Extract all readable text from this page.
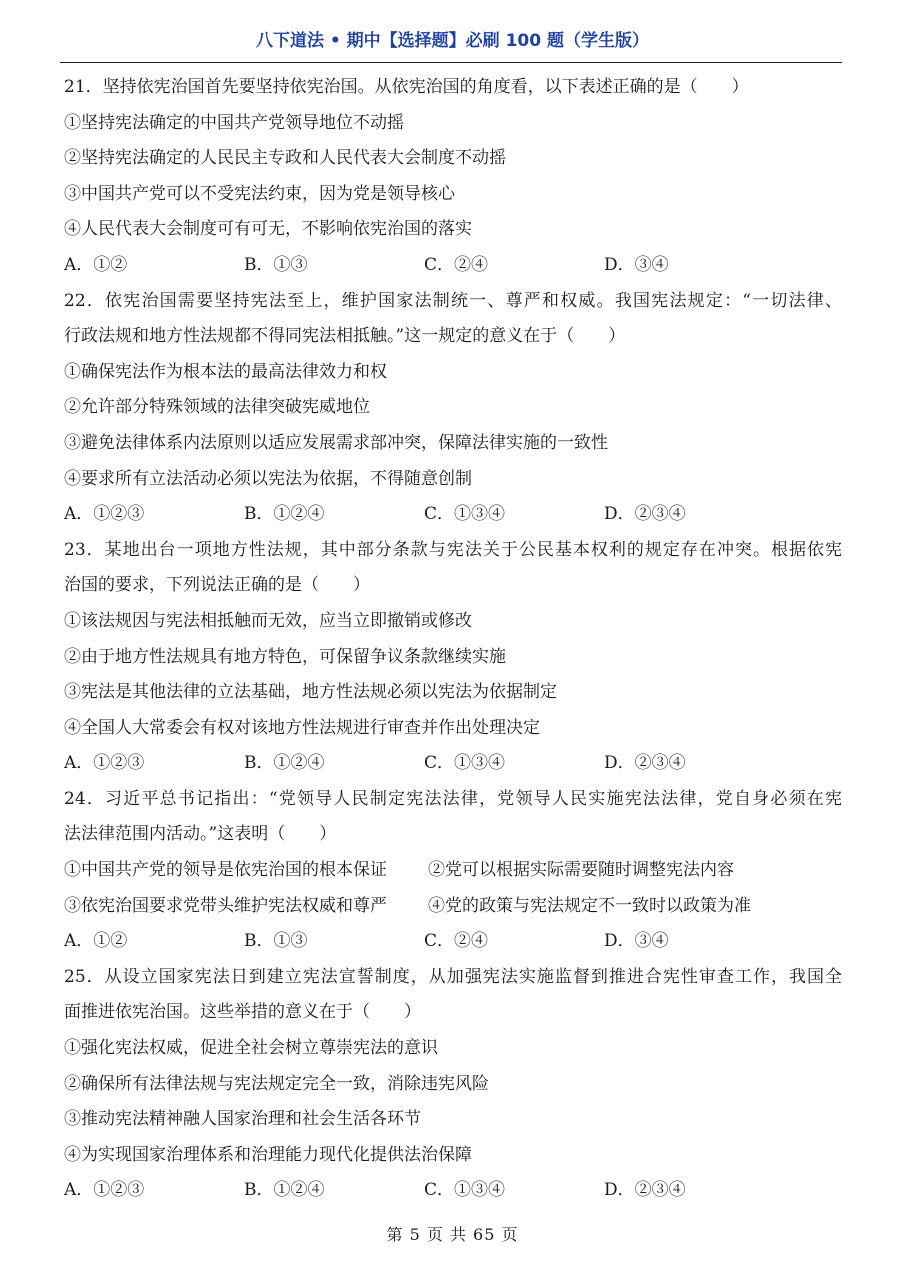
八下道法 • 期中【选择题】必刷 100 题（学生版）
21．坚持依宪治国首先要坚持依宪治国。从依宪治国的角度看，以下表述正确的是（　　）
①坚持宪法确定的中国共产党领导地位不动摇
②坚持宪法确定的人民民主专政和人民代表大会制度不动摇
③中国共产党可以不受宪法约束，因为党是领导核心
④人民代表大会制度可有可无，不影响依宪治国的落实
A．①②	B．①③	C．②④	D．③④
22．依宪治国需要坚持宪法至上，维护国家法制统一、尊严和权威。我国宪法规定：“一切法律、
行政法规和地方性法规都不得同宪法相抵触。”这一规定的意义在于（　　）
①确保宪法作为根本法的最高法律效力和权
②允许部分特殊领域的法律突破宪威地位
③避免法律体系内法原则以适应发展需求部冲突，保障法律实施的一致性
④要求所有立法活动必须以宪法为依据，不得随意创制
A．①②③	B．①②④	C．①③④	D．②③④
23．某地出台一项地方性法规，其中部分条款与宪法关于公民基本权利的规定存在冲突。根据依宪
治国的要求，下列说法正确的是（　　）
①该法规因与宪法相抵触而无效，应当立即撤销或修改
②由于地方性法规具有地方特色，可保留争议条款继续实施
③宪法是其他法律的立法基础，地方性法规必须以宪法为依据制定
④全国人大常委会有权对该地方性法规进行审查并作出处理决定
A．①②③	B．①②④	C．①③④	D．②③④
24．习近平总书记指出：“党领导人民制定宪法法律，党领导人民实施宪法法律，党自身必须在宪
法法律范围内活动。”这表明（　　）
①中国共产党的领导是依宪治国的根本保证	②党可以根据实际需要随时调整宪法内容
③依宪治国要求党带头维护宪法权威和尊严	④党的政策与宪法规定不一致时以政策为准
A．①②	B．①③	C．②④	D．③④
25．从设立国家宪法日到建立宪法宣誓制度，从加强宪法实施监督到推进合宪性审查工作，我国全
面推进依宪治国。这些举措的意义在于（　　）
①强化宪法权威，促进全社会树立尊崇宪法的意识
②确保所有法律法规与宪法规定完全一致，消除违宪风险
③推动宪法精神融人国家治理和社会生活各环节
④为实现国家治理体系和治理能力现代化提供法治保障
A．①②③	B．①②④	C．①③④	D．②③④
第 5 页 共 65 页
